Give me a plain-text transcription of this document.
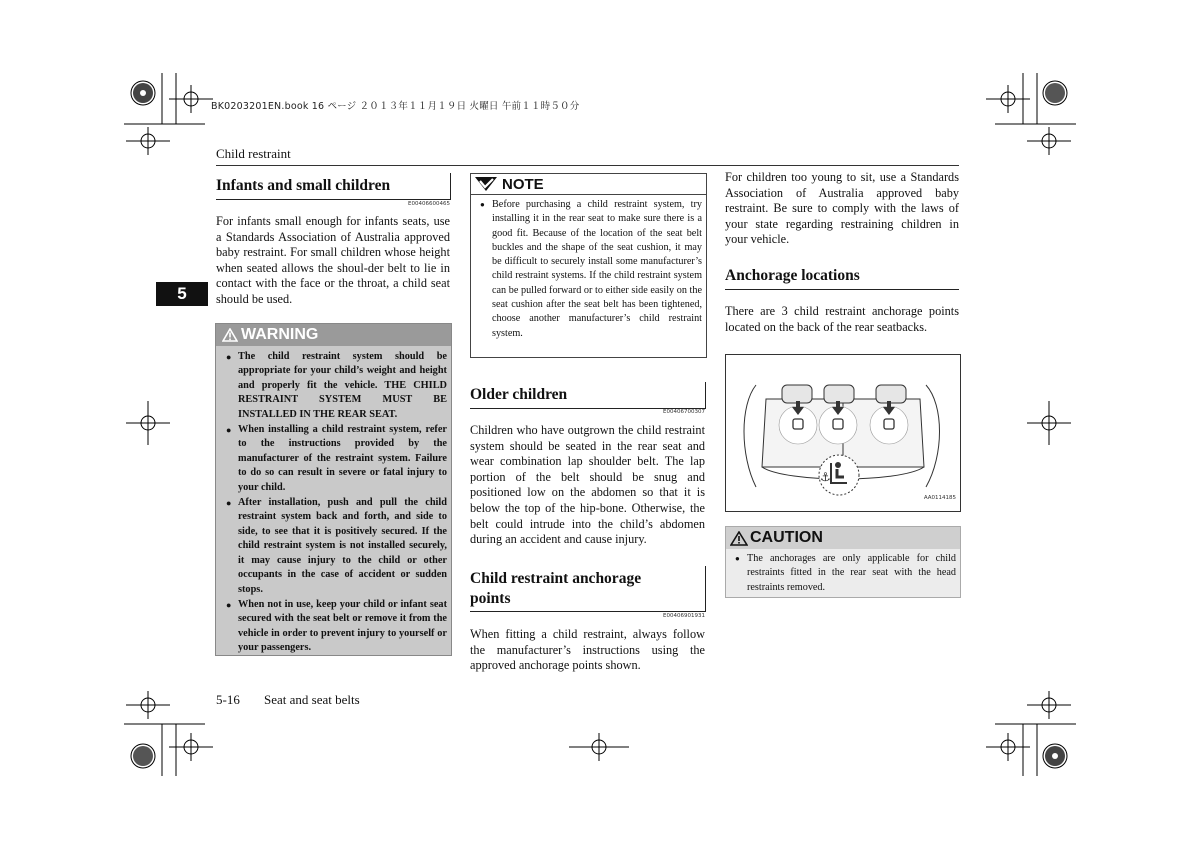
BK0203201EN.book 16 ページ ２０１３年１１月１９日 火曜日 午前１１時５０分
Child restraint
5
Infants and small children
E00406600465
For infants small enough for infants seats, use a Standards Association of Australia approved baby restraint. For small children whose height when seated allows the shoul-der belt to lie in contact with the face or the throat, a child seat should be used.
WARNING
● The child restraint system should be appropriate for your child’s weight and height and properly fit the vehicle. THE CHILD RESTRAINT SYSTEM MUST BE INSTALLED IN THE REAR SEAT.
● When installing a child restraint system, refer to the instructions provided by the manufacturer of the restraint system. Failure to do so can result in severe or fatal injury to your child.
● After installation, push and pull the child restraint system back and forth, and side to side, to see that it is positively secured. If the child restraint system is not installed securely, it may cause injury to the child or other occupants in the case of accident or sudden stops.
● When not in use, keep your child or infant seat secured with the seat belt or remove it from the vehicle in order to prevent injury to yourself or your passengers.
NOTE
● Before purchasing a child restraint system, try installing it in the rear seat to make sure there is a good fit. Because of the location of the seat belt buckles and the shape of the seat cushion, it may be difficult to securely install some manufacturer’s child restraint systems. If the child restraint system can be pulled forward or to either side easily on the seat cushion after the seat belt has been tightened, choose another manufacturer’s child restraint system.
Older children
E00406700307
Children who have outgrown the child restraint system should be seated in the rear seat and wear combination lap shoulder belt. The lap portion of the belt should be snug and positioned low on the abdomen so that it is below the top of the hip-bone. Otherwise, the belt could intrude into the child’s abdomen during an accident and cause injury.
Child restraint anchorage
points
E00406901931
When fitting a child restraint, always follow the manufacturer’s instructions using the approved anchorage points shown.
For children too young to sit, use a Standards Association of Australia approved baby restraint. Be sure to comply with the laws of your state regarding restraining children in your vehicle.
Anchorage locations
There are 3 child restraint anchorage points located on the back of the rear seatbacks.
⚓
AA0114185
CAUTION
● The anchorages are only applicable for child restraints fitted in the rear seat with the head restraints removed.
5-16 Seat and seat belts
